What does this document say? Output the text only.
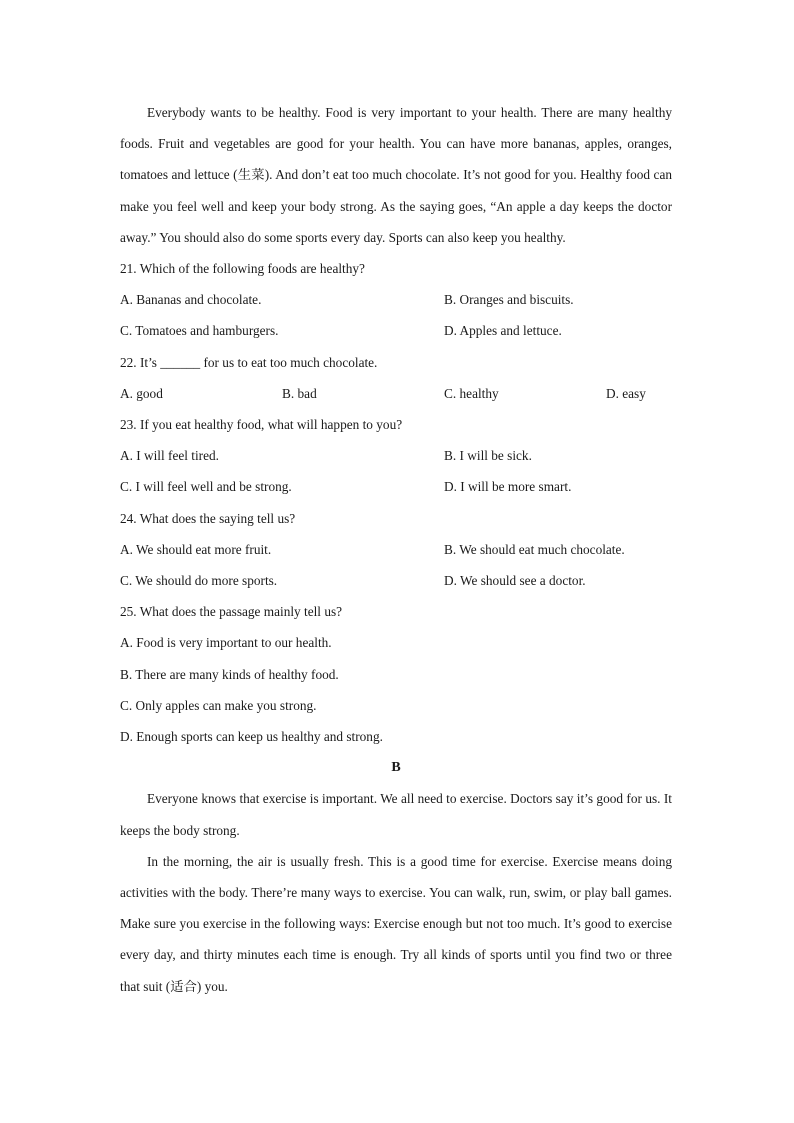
Everybody wants to be healthy. Food is very important to your health. There are many healthy foods. Fruit and vegetables are good for your health. You can have more bananas, apples, oranges, tomatoes and lettuce (生菜). And don’t eat too much chocolate. It’s not good for you. Healthy food can make you feel well and keep your body strong. As the saying goes, “An apple a day keeps the doctor away.” You should also do some sports every day. Sports can also keep you healthy.

21. Which of the following foods are healthy?

A. Bananas and chocolate.	B. Oranges and biscuits.
C. Tomatoes and hamburgers.	D. Apples and lettuce.

22. It’s ______ for us to eat too much chocolate.

A. good	B. bad	C. healthy	D. easy

23. If you eat healthy food, what will happen to you?

A. I will feel tired.	B. I will be sick.
C. I will feel well and be strong.	D. I will be more smart.

24. What does the saying tell us?

A. We should eat more fruit.	B. We should eat much chocolate.
C. We should do more sports.	D. We should see a doctor.

25. What does the passage mainly tell us?

A. Food is very important to our health.

B. There are many kinds of healthy food.

C. Only apples can make you strong.

D. Enough sports can keep us healthy and strong.

B

Everyone knows that exercise is important. We all need to exercise. Doctors say it’s good for us. It keeps the body strong.

In the morning, the air is usually fresh. This is a good time for exercise. Exercise means doing activities with the body. There’re many ways to exercise. You can walk, run, swim, or play ball games. Make sure you exercise in the following ways: Exercise enough but not too much. It’s good to exercise every day, and thirty minutes each time is enough. Try all kinds of sports until you find two or three that suit (适合) you.
